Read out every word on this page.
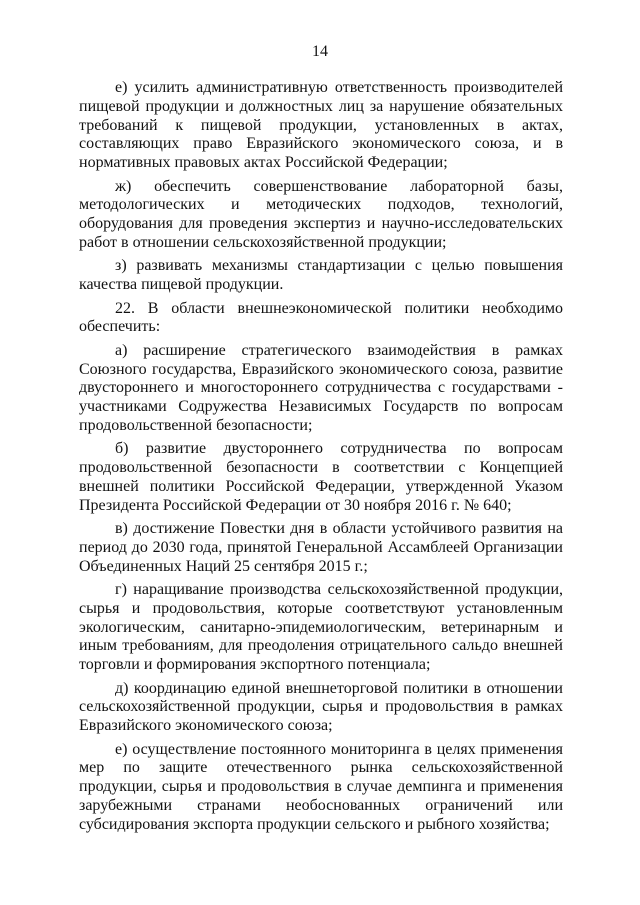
14

е) усилить административную ответственность производителей пищевой продукции и должностных лиц за нарушение обязательных требований к пищевой продукции, установленных в актах, составляющих право Евразийского экономического союза, и в нормативных правовых актах Российской Федерации;

ж) обеспечить совершенствование лабораторной базы, методологических и методических подходов, технологий, оборудования для проведения экспертиз и научно-исследовательских работ в отношении сельскохозяйственной продукции;

з) развивать механизмы стандартизации с целью повышения качества пищевой продукции.

22. В области внешнеэкономической политики необходимо обеспечить:

а) расширение стратегического взаимодействия в рамках Союзного государства, Евразийского экономического союза, развитие двустороннего и многостороннего сотрудничества с государствами - участниками Содружества Независимых Государств по вопросам продовольственной безопасности;

б) развитие двустороннего сотрудничества по вопросам продовольственной безопасности в соответствии с Концепцией внешней политики Российской Федерации, утвержденной Указом Президента Российской Федерации от 30 ноября 2016 г. № 640;

в) достижение Повестки дня в области устойчивого развития на период до 2030 года, принятой Генеральной Ассамблеей Организации Объединенных Наций 25 сентября 2015 г.;

г) наращивание производства сельскохозяйственной продукции, сырья и продовольствия, которые соответствуют установленным экологическим, санитарно-эпидемиологическим, ветеринарным и иным требованиям, для преодоления отрицательного сальдо внешней торговли и формирования экспортного потенциала;

д) координацию единой внешнеторговой политики в отношении сельскохозяйственной продукции, сырья и продовольствия в рамках Евразийского экономического союза;

е) осуществление постоянного мониторинга в целях применения мер по защите отечественного рынка сельскохозяйственной продукции, сырья и продовольствия в случае демпинга и применения зарубежными странами необоснованных ограничений или субсидирования экспорта продукции сельского и рыбного хозяйства;
